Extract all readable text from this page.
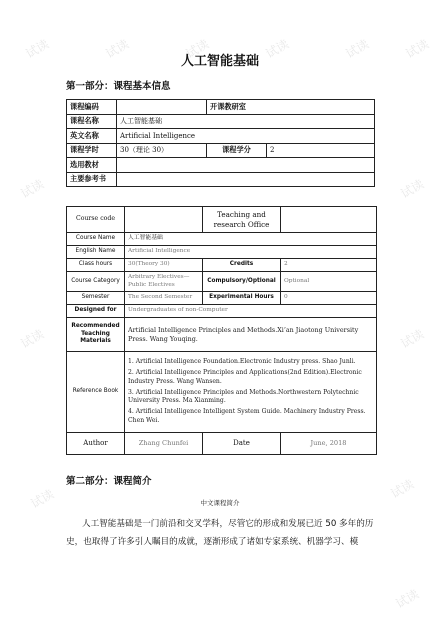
人工智能基础
第一部分：课程基本信息
课程编码		开课教研室	
课程名称	人工智能基础		
英文名称	Artificial Intelligence		
课程学时	30（理论 30）	课程学分	2
选用教材			
主要参考书			
Course code		Teaching and research Office	
Course Name	人工智能基础		
English Name	Artificial Intelligence		
Class hours	30(Theory 30)	Credits	2
Course Category	Arbitrary Electives— Public Electives	Compulsory/Optional	Optional
Semester	The Second Semester	Experimental Hours	0
Designed for	Undergraduates of non-Computer		
Recommended Teaching Materials	Artificial Intelligence Principles and Methods.Xi’an Jiaotong University Press. Wang Youqing.		
Reference Book	1. Artificial Intelligence Foundation.Electronic Industry press. Shao Junli.
2. Artificial Intelligence Principles and Applications(2nd Edition).Electronic Industry Press. Wang Wansen.
3. Artificial Intelligence Principles and Methods.Northwestern Polytechnic University Press. Ma Xianming.
4. Artificial Intelligence Intelligent System Guide. Machinery Industry Press. Chen Wei.		

Author	Zhang Chunfei	Date	June, 2018
第二部分：课程简介
中文课程简介
人工智能基础是一门前沿和交叉学科，尽管它的形成和发展已近 50 多年的历史，也取得了许多引人瞩目的成就，逐渐形成了诸如专家系统、机器学习、模
试读	试读	试读	试读	试读	试读
试读	试读
试读	试读
试读	试读
试读
